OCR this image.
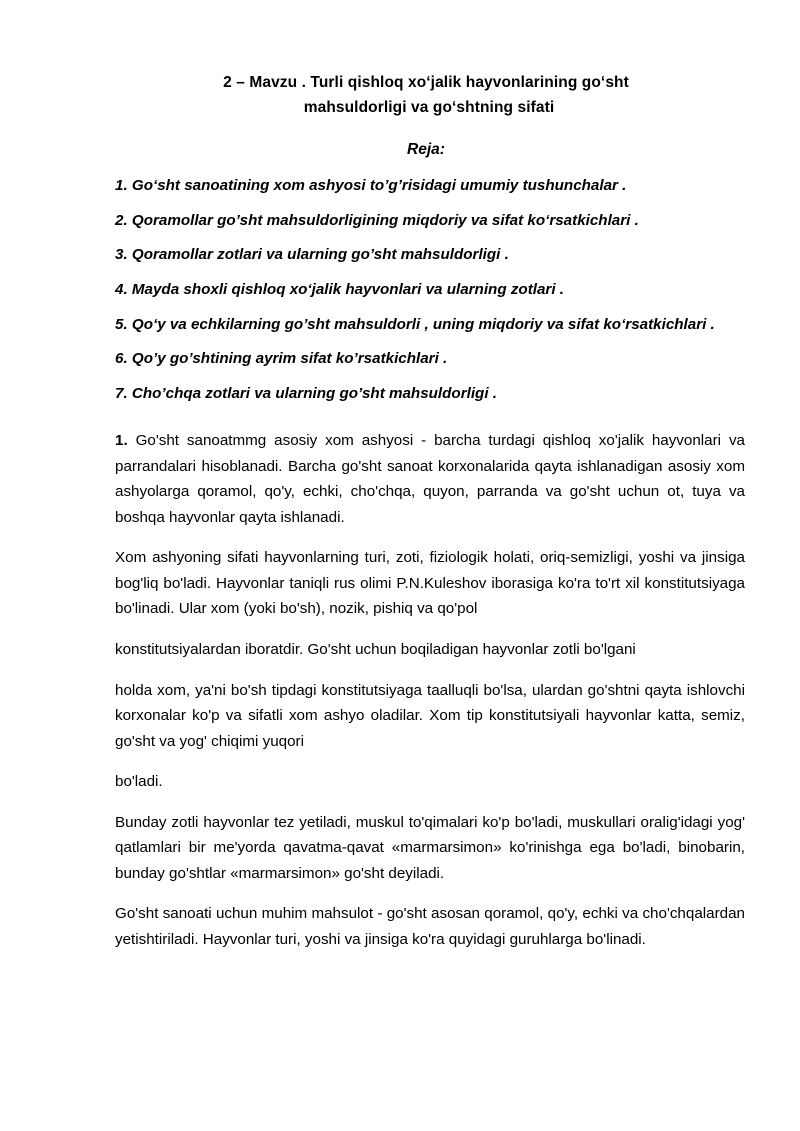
2 – Mavzu . Turli qishloq xo‘jalik hayvonlarining go‘sht
mahsuldorligi va go‘shtning sifati
Reja:
1. Go‘sht sanoatining xom ashyosi to’g’risidagi umumiy tushunchalar .
2. Qoramollar go’sht mahsuldorligining miqdoriy va sifat ko‘rsatkichlari .
3. Qoramollar zotlari va ularning go’sht mahsuldorligi .
4. Mayda shoxli qishloq xo‘jalik hayvonlari va ularning zotlari .
5. Qo‘y va echkilarning go’sht mahsuldorli , uning miqdoriy va sifat ko‘rsatkichlari .
6. Qo’y go’shtining ayrim sifat ko’rsatkichlari .
7. Cho’chqa zotlari va ularning go’sht mahsuldorligi .

1. Go'sht sanoatmmg asosiy xom ashyosi - barcha turdagi qishloq xo'jalik hayvonlari va parrandalari hisoblanadi. Barcha go'sht sanoat korxonalarida qayta ishlanadigan asosiy xom ashyolarga qoramol, qo'y, echki, cho'chqa, quyon, parranda va go'sht uchun ot, tuya va boshqa hayvonlar qayta ishlanadi.

Xom ashyoning sifati hayvonlarning turi, zoti, fiziologik holati, oriq-semizligi, yoshi va jinsiga bog'liq bo'ladi. Hayvonlar taniqli rus olimi P.N.Kuleshov iborasiga ko'ra to'rt xil konstitutsiyaga bo'linadi. Ular xom (yoki bo'sh), nozik, pishiq va qo'pol

konstitutsiyalardan iboratdir. Go'sht uchun boqiladigan hayvonlar zotli bo'lgani

holda xom, ya'ni bo'sh tipdagi konstitutsiyaga taalluqli bo'lsa, ulardan go'shtni qayta ishlovchi korxonalar ko'p va sifatli xom ashyo oladilar. Xom tip konstitutsiyali hayvonlar katta, semiz, go'sht va yog' chiqimi yuqori

bo'ladi.

Bunday zotli hayvonlar tez yetiladi, muskul to'qimalari ko'p bo'ladi, muskullari oralig'idagi yog' qatlamlari bir me'yorda qavatma-qavat «marmarsimon» ko'rinishga ega bo'ladi, binobarin, bunday go'shtlar «marmarsimon» go'sht deyiladi.

Go'sht sanoati uchun muhim mahsulot - go'sht asosan qoramol, qo'y, echki va cho'chqalardan yetishtiriladi. Hayvonlar turi, yoshi va jinsiga ko'ra quyidagi guruhlarga bo'linadi.
